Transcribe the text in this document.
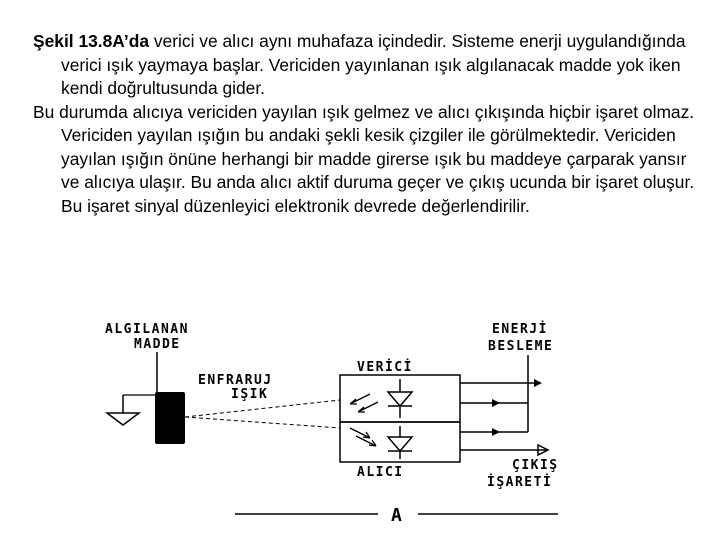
Şekil 13.8A’da verici ve alıcı aynı muhafaza içindedir. Sisteme enerji uygulandığında verici ışık yaymaya başlar. Vericiden yayınlanan ışık algılanacak madde yok iken kendi doğrultusunda gider.

Bu durumda alıcıya vericiden yayılan ışık gelmez ve alıcı çıkışında hiçbir işaret olmaz. Vericiden yayılan ışığın bu andaki şekli kesik çizgiler ile görülmektedir. Vericiden yayılan ışığın önüne herhangi bir madde girerse ışık bu maddeye çarparak yansır ve alıcıya ulaşır. Bu anda alıcı aktif duruma geçer ve çıkış ucunda bir işaret oluşur. Bu işaret sinyal düzenleyici elektronik devrede değerlendirilir.

ALGILANAN
MADDE
ENFRARUJ
IŞIK
VERİCİ
ALICI
ENERJİ
BESLEME
ÇIKIŞ
İŞARETİ
A
